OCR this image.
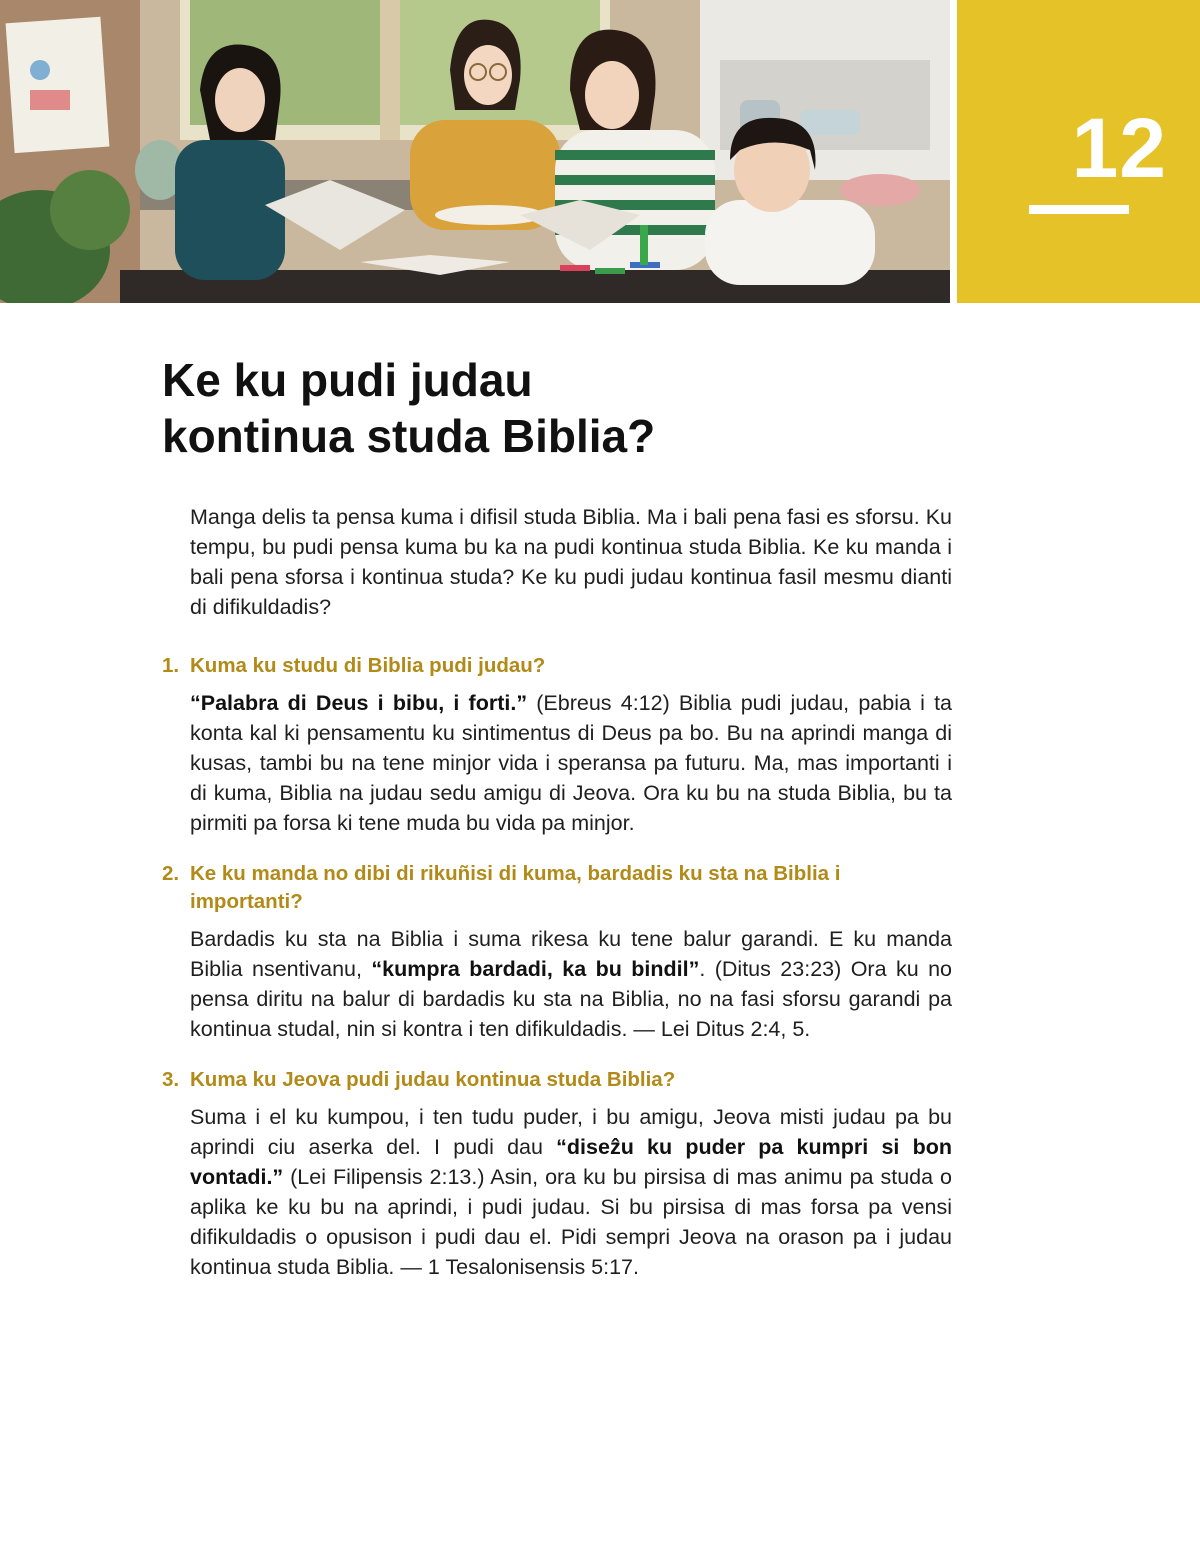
12
Ke ku pudi judau
kontinua studa Biblia?

Manga delis ta pensa kuma i difisil studa Biblia. Ma i bali pena fasi es sforsu. Ku tempu, bu pudi pensa kuma bu ka na pudi kontinua studa Biblia. Ke ku manda i bali pena sforsa i kontinua studa? Ke ku pudi judau kontinua fasil mesmu dianti di difikuldadis?

1. Kuma ku studu di Biblia pudi judau?

“Palabra di Deus i bibu, i forti.” (Ebreus 4:12) Biblia pudi judau, pabia i ta konta kal ki pensamentu ku sintimentus di Deus pa bo. Bu na aprindi manga di kusas, tambi bu na tene minjor vida i speransa pa futuru. Ma, mas importanti i di kuma, Biblia na judau sedu amigu di Jeova. Ora ku bu na studa Biblia, bu ta pirmiti pa forsa ki tene muda bu vida pa minjor.

2. Ke ku manda no dibi di rikuñisi di kuma, bardadis ku sta na Biblia i importanti?

Bardadis ku sta na Biblia i suma rikesa ku tene balur garandi. E ku manda Biblia nsentivanu, “kumpra bardadi, ka bu bindil”. (Ditus 23:23) Ora ku no pensa diritu na balur di bardadis ku sta na Biblia, no na fasi sforsu garandi pa kontinua studal, nin si kontra i ten difikuldadis. — Lei Ditus 2:4, 5.

3. Kuma ku Jeova pudi judau kontinua studa Biblia?

Suma i el ku kumpou, i ten tudu puder, i bu amigu, Jeova misti judau pa bu aprindi ciu aserka del. I pudi dau “diseẑu ku puder pa kumpri si bon vontadi.” (Lei Filipensis 2:13.) Asin, ora ku bu pirsisa di mas animu pa studa o aplika ke ku bu na aprindi, i pudi judau. Si bu pirsisa di mas forsa pa vensi difikuldadis o opusison i pudi dau el. Pidi sempri Jeova na orason pa i judau kontinua studa Biblia. — 1 Tesalonisensis 5:17.
